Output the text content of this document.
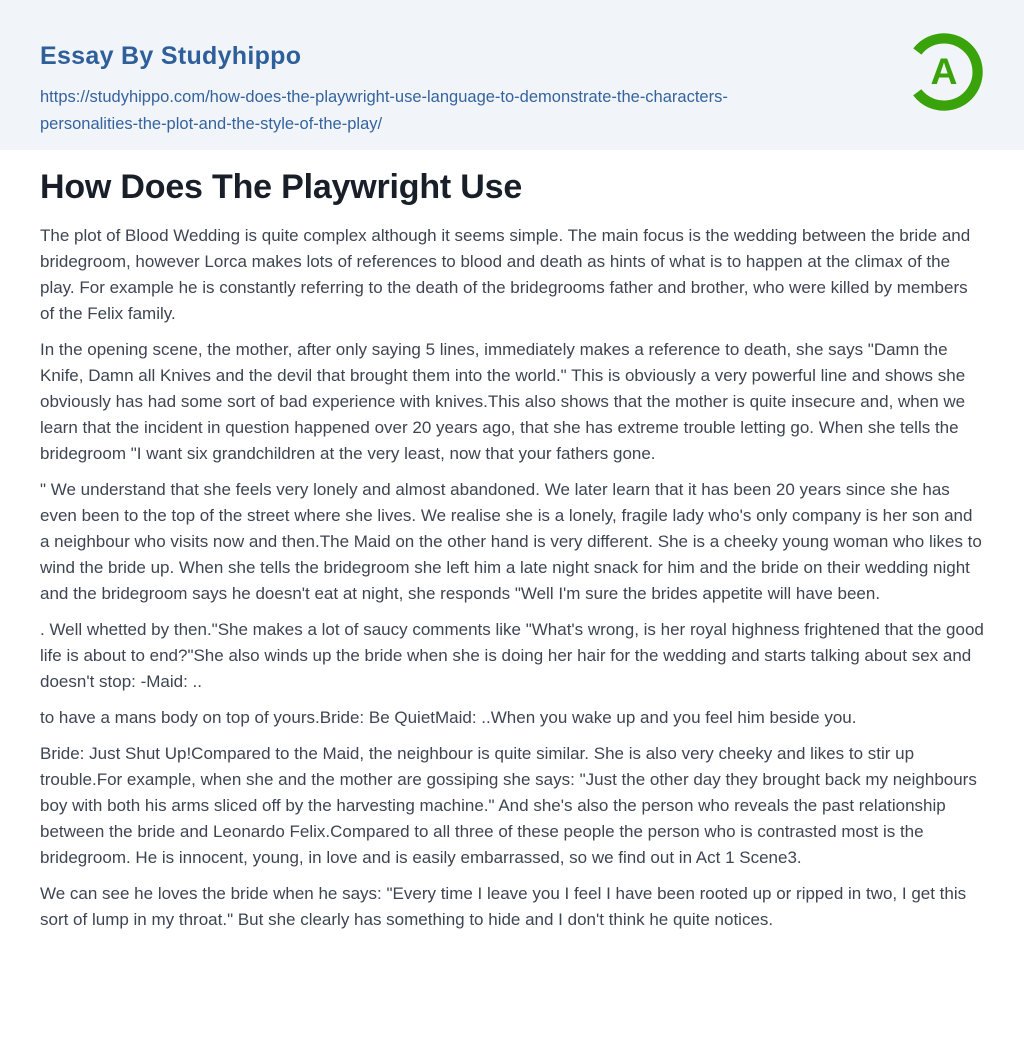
Essay By Studyhippo
https://studyhippo.com/how-does-the-playwright-use-language-to-demonstrate-the-characters-personalities-the-plot-and-the-style-of-the-play/
A
How Does The Playwright Use

The plot of Blood Wedding is quite complex although it seems simple. The main focus is the wedding between the bride and bridegroom, however Lorca makes lots of references to blood and death as hints of what is to happen at the climax of the play. For example he is constantly referring to the death of the bridegrooms father and brother, who were killed by members of the Felix family.

In the opening scene, the mother, after only saying 5 lines, immediately makes a reference to death, she says "Damn the Knife, Damn all Knives and the devil that brought them into the world." This is obviously a very powerful line and shows she obviously has had some sort of bad experience with knives.This also shows that the mother is quite insecure and, when we learn that the incident in question happened over 20 years ago, that she has extreme trouble letting go. When she tells the bridegroom "I want six grandchildren at the very least, now that your fathers gone.

" We understand that she feels very lonely and almost abandoned. We later learn that it has been 20 years since she has even been to the top of the street where she lives. We realise she is a lonely, fragile lady who's only company is her son and a neighbour who visits now and then.The Maid on the other hand is very different. She is a cheeky young woman who likes to wind the bride up. When she tells the bridegroom she left him a late night snack for him and the bride on their wedding night and the bridegroom says he doesn't eat at night, she responds "Well I'm sure the brides appetite will have been.

. Well whetted by then."She makes a lot of saucy comments like "What's wrong, is her royal highness frightened that the good life is about to end?"She also winds up the bride when she is doing her hair for the wedding and starts talking about sex and doesn't stop: -Maid: ..

to have a mans body on top of yours.Bride: Be QuietMaid: ..When you wake up and you feel him beside you.

Bride: Just Shut Up!Compared to the Maid, the neighbour is quite similar. She is also very cheeky and likes to stir up trouble.For example, when she and the mother are gossiping she says: "Just the other day they brought back my neighbours boy with both his arms sliced off by the harvesting machine." And she's also the person who reveals the past relationship between the bride and Leonardo Felix.Compared to all three of these people the person who is contrasted most is the bridegroom. He is innocent, young, in love and is easily embarrassed, so we find out in Act 1 Scene3.

We can see he loves the bride when he says: "Every time I leave you I feel I have been rooted up or ripped in two, I get this sort of lump in my throat." But she clearly has something to hide and I don't think he quite notices.
